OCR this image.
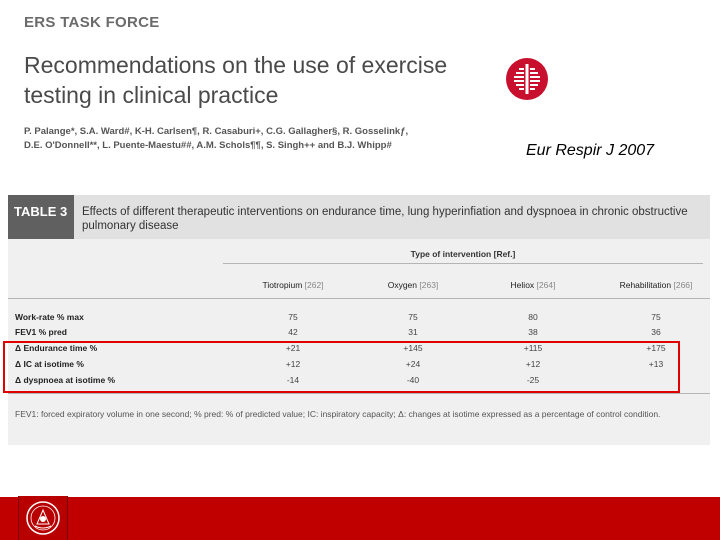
ERS TASK FORCE
Recommendations on the use of exercise testing in clinical practice
P. Palange*, S.A. Ward#, K-H. Carlsen¶, R. Casaburi+, C.G. Gallagher§, R. Gosselinkƒ,
D.E. O'Donnell**, L. Puente-Maestu##, A.M. Schols¶¶, S. Singh++ and B.J. Whipp#	Eur Respir J 2007
TABLE 3	Effects of different therapeutic interventions on endurance time, lung hyperinfiation and dyspnoea in chronic obstructive pulmonary disease
Type of intervention [Ref.]
Tiotropium [262]	Oxygen [263]	Heliox [264]	Rehabilitation [266]
Work-rate % max	75	75	80	75
FEV1 % pred	42	31	38	36
Δ Endurance time %	+21	+145	+115	+175
Δ IC at isotime %	+12	+24	+12	+13
Δ dyspnoea at isotime %	-14	-40	-25
FEV1: forced expiratory volume in one second; % pred: % of predicted value; IC: inspiratory capacity; Δ: changes at isotime expressed as a percentage of control condition.
